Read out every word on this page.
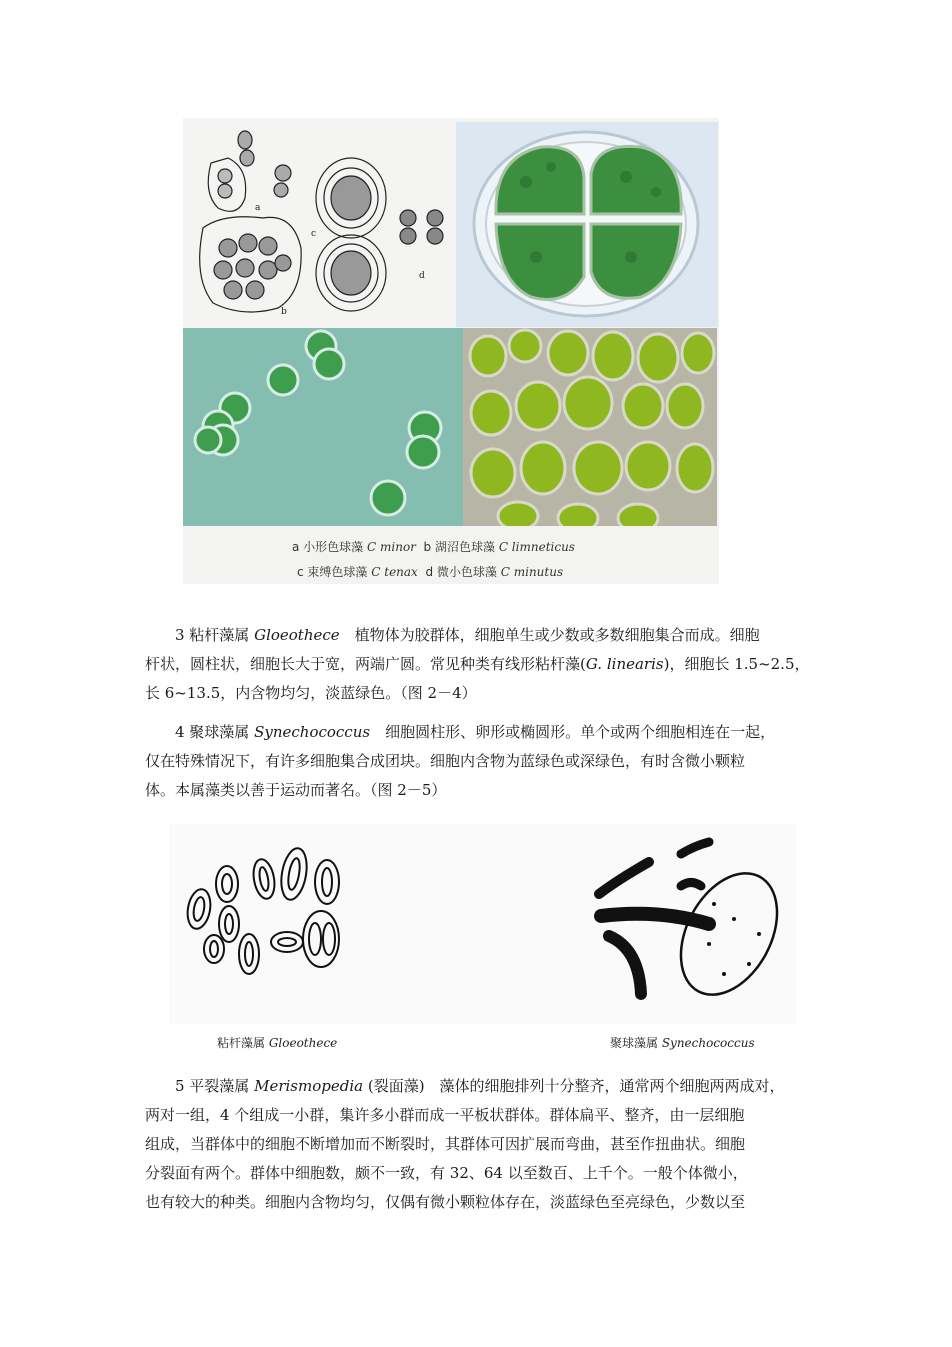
a
b
c
d
a 小形色球藻 C minor b 湖沼色球藻 C limneticus
c 束缚色球藻 C tenax d 微小色球藻 C minutus

3 粘杆藻属 Gloeothece　植物体为胶群体，细胞单生或少数或多数细胞集合而成。细胞

杆状，圆柱状，细胞长大于宽，两端广圆。常见种类有线形粘杆藻(G. linearis)，细胞长 1.5~2.5，
长 6~13.5，内含物均匀，淡蓝绿色。（图 2－4）

4 聚球藻属 Synechococcus　细胞圆柱形、卵形或椭圆形。单个或两个细胞相连在一起，

仅在特殊情况下，有许多细胞集合成团块。细胞内含物为蓝绿色或深绿色，有时含微小颗粒
体。本属藻类以善于运动而著名。（图 2－5）
粘杆藻属 Gloeothece	聚球藻属 Synechococcus

5 平裂藻属 Merismopedia (裂面藻)　藻体的细胞排列十分整齐，通常两个细胞两两成对，

两对一组，4 个组成一小群，集许多小群而成一平板状群体。群体扁平、整齐，由一层细胞
组成，当群体中的细胞不断增加而不断裂时，其群体可因扩展而弯曲，甚至作扭曲状。细胞
分裂面有两个。群体中细胞数，颇不一致，有 32、64 以至数百、上千个。一般个体微小，
也有较大的种类。细胞内含物均匀，仅偶有微小颗粒体存在，淡蓝绿色至亮绿色，少数以至
